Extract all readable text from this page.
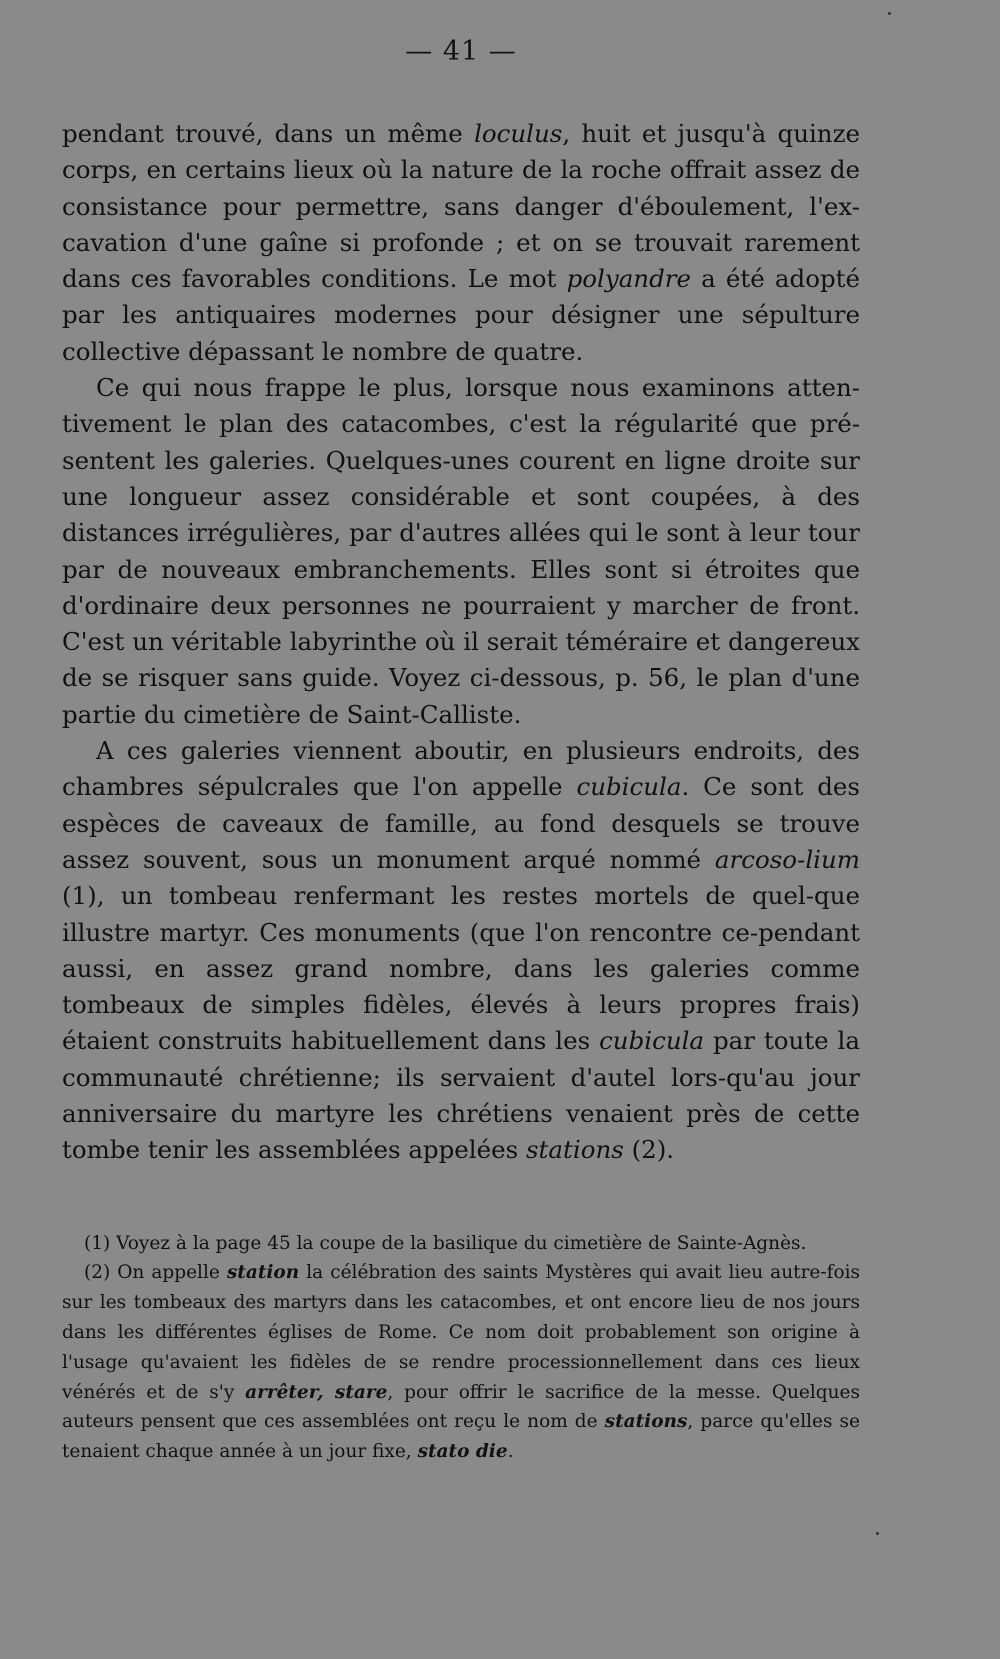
— 41 —

pendant trouvé, dans un même loculus, huit et jusqu'à quinze corps, en certains lieux où la nature de la roche offrait assez de consistance pour permettre, sans danger d'éboulement, l'ex-cavation d'une gaîne si profonde ; et on se trouvait rarement dans ces favorables conditions. Le mot polyandre a été adopté par les antiquaires modernes pour désigner une sépulture collective dépassant le nombre de quatre.

Ce qui nous frappe le plus, lorsque nous examinons atten-tivement le plan des catacombes, c'est la régularité que pré-sentent les galeries. Quelques-unes courent en ligne droite sur une longueur assez considérable et sont coupées, à des distances irrégulières, par d'autres allées qui le sont à leur tour par de nouveaux embranchements. Elles sont si étroites que d'ordinaire deux personnes ne pourraient y marcher de front. C'est un véritable labyrinthe où il serait téméraire et dangereux de se risquer sans guide. Voyez ci-dessous, p. 56, le plan d'une partie du cimetière de Saint-Calliste.

A ces galeries viennent aboutir, en plusieurs endroits, des chambres sépulcrales que l'on appelle cubicula. Ce sont des espèces de caveaux de famille, au fond desquels se trouve assez souvent, sous un monument arqué nommé arcoso-lium (1), un tombeau renfermant les restes mortels de quel-que illustre martyr. Ces monuments (que l'on rencontre ce-pendant aussi, en assez grand nombre, dans les galeries comme tombeaux de simples fidèles, élevés à leurs propres frais) étaient construits habituellement dans les cubicula par toute la communauté chrétienne; ils servaient d'autel lors-qu'au jour anniversaire du martyre les chrétiens venaient près de cette tombe tenir les assemblées appelées stations (2).

(1) Voyez à la page 45 la coupe de la basilique du cimetière de Sainte-Agnès.

(2) On appelle station la célébration des saints Mystères qui avait lieu autre-fois sur les tombeaux des martyrs dans les catacombes, et ont encore lieu de nos jours dans les différentes églises de Rome. Ce nom doit probablement son origine à l'usage qu'avaient les fidèles de se rendre processionnellement dans ces lieux vénérés et de s'y arrêter, stare, pour offrir le sacrifice de la messe. Quelques auteurs pensent que ces assemblées ont reçu le nom de stations, parce qu'elles se tenaient chaque année à un jour fixe, stato die.
